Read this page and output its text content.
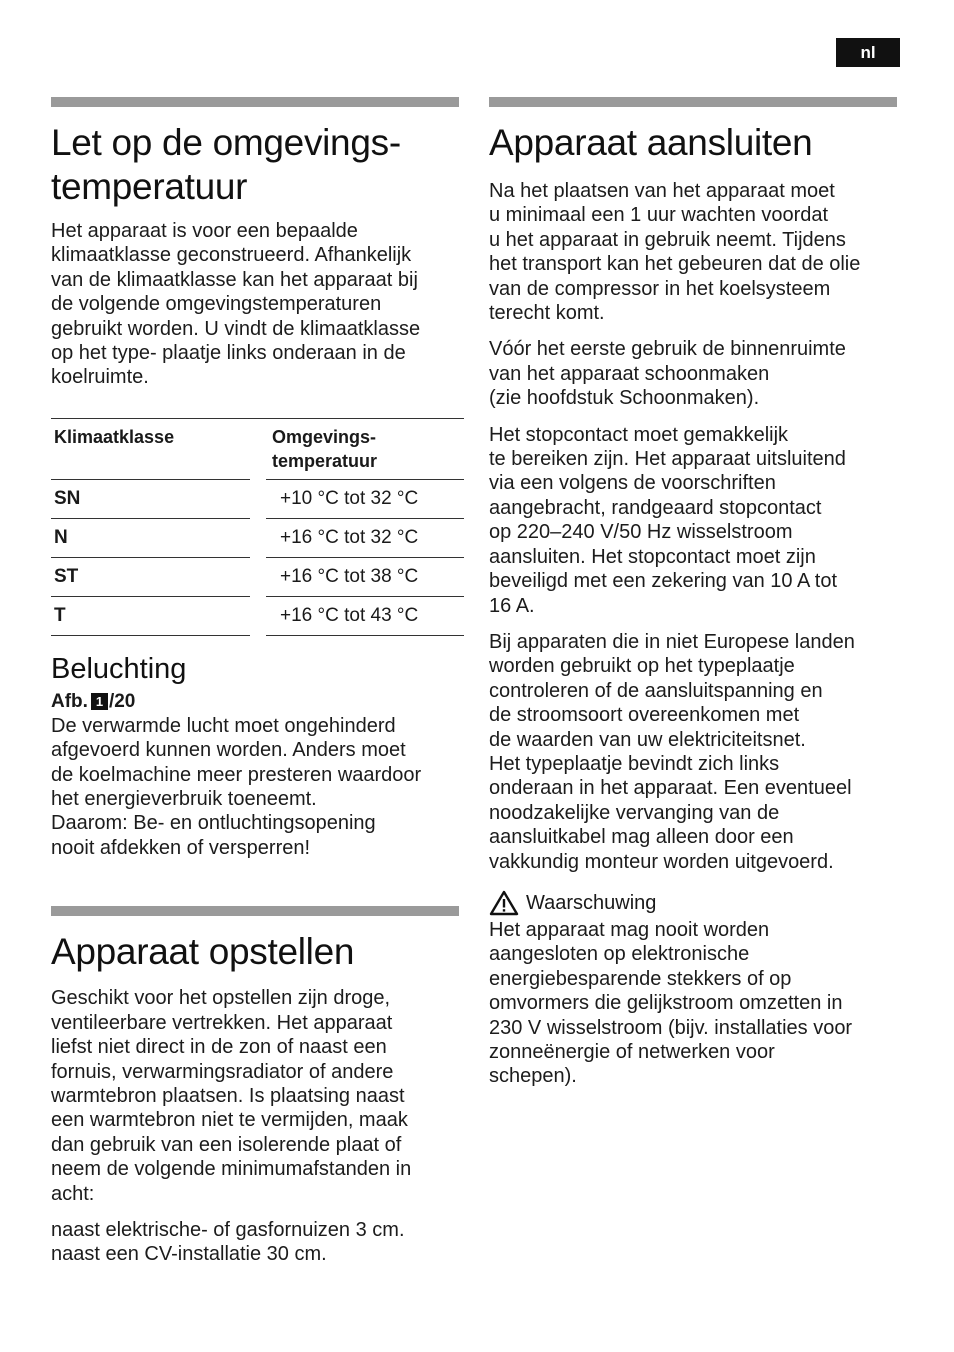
nl
Let op de omgevings-
temperatuur

Het apparaat is voor een bepaalde
klimaatklasse geconstrueerd. Afhankelijk
van de klimaatklasse kan het apparaat bij
de volgende omgevingstemperaturen
gebruikt worden. U vindt de klimaatklasse
op het type- plaatje links onderaan in de
koelruimte.

Klimaatklasse	Omgevings-
temperatuur
SN	+10 °C tot 32 °C
N	+16 °C tot 32 °C
ST	+16 °C tot 38 °C
T	+16 °C tot 43 °C
Beluchting
Afb. 1 /20

De verwarmde lucht moet ongehinderd
afgevoerd kunnen worden. Anders moet
de koelmachine meer presteren waardoor
het energieverbruik toeneemt.
Daarom: Be- en ontluchtingsopening
nooit afdekken of versperren!

Apparaat opstellen

Geschikt voor het opstellen zijn droge,
ventileerbare vertrekken. Het apparaat
liefst niet direct in de zon of naast een
fornuis, verwarmingsradiator of andere
warmtebron plaatsen. Is plaatsing naast
een warmtebron niet te vermijden, maak
dan gebruik van een isolerende plaat of
neem de volgende minimumafstanden in
acht:

naast elektrische- of gasfornuizen 3 cm.
naast een CV-installatie 30 cm.

Apparaat aansluiten

Na het plaatsen van het apparaat moet
u minimaal een 1 uur wachten voordat
u het apparaat in gebruik neemt. Tijdens
het transport kan het gebeuren dat de olie
van de compressor in het koelsysteem
terecht komt.

Vóór het eerste gebruik de binnenruimte
van het apparaat schoonmaken
(zie hoofdstuk Schoonmaken).

Het stopcontact moet gemakkelijk
te bereiken zijn. Het apparaat uitsluitend
via een volgens de voorschriften
aangebracht, randgeaard stopcontact
op 220–240 V/50 Hz wisselstroom
aansluiten. Het stopcontact moet zijn
beveiligd met een zekering van 10 A tot
16 A.

Bij apparaten die in niet Europese landen
worden gebruikt op het typeplaatje
controleren of de aansluitspanning en
de stroomsoort overeenkomen met
de waarden van uw elektriciteitsnet.
Het typeplaatje bevindt zich links
onderaan in het apparaat. Een eventueel
noodzakelijke vervanging van de
aansluitkabel mag alleen door een
vakkundig monteur worden uitgevoerd.

Waarschuwing

Het apparaat mag nooit worden
aangesloten op elektronische
energiebesparende stekkers of op
omvormers die gelijkstroom omzetten in
230 V wisselstroom (bijv. installaties voor
zonneënergie of netwerken voor
schepen).
